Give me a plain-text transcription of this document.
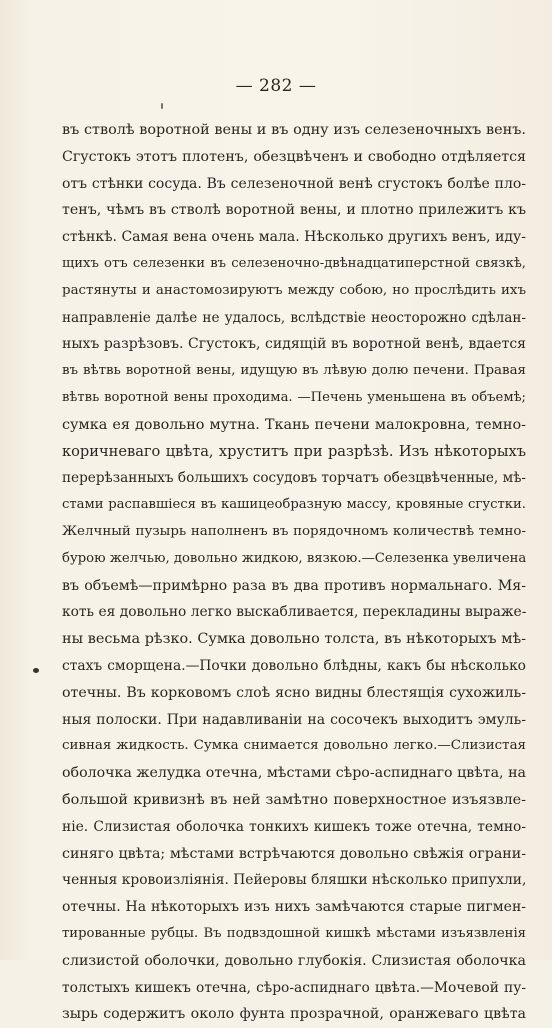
— 282 —
въ стволѣ воротной вены и въ одну изъ селезеночныхъ венъ.
Сгустокъ этотъ плотенъ, обезцвѣченъ и свободно отдѣляется
отъ стѣнки сосуда. Въ селезеночной венѣ сгустокъ болѣе пло-
тенъ, чѣмъ въ стволѣ воротной вены, и плотно прилежитъ къ
стѣнкѣ. Самая вена очень мала. Нѣсколько другихъ венъ, иду-
щихъ отъ селезенки въ селезеночно-двѣнадцатиперстной связкѣ,
растянуты и анастомозируютъ между собою, но прослѣдить ихъ
направленіе далѣе не удалось, вслѣдствіе неосторожно сдѣлан-
ныхъ разрѣзовъ. Сгустокъ, сидящій въ воротной венѣ, вдается
въ вѣтвь воротной вены, идущую въ лѣвую долю печени. Правая
вѣтвь воротной вены проходима. —Печень уменьшена въ объемѣ;
сумка ея довольно мутна. Ткань печени малокровна, темно-
коричневаго цвѣта, хруститъ при разрѣзѣ. Изъ нѣкоторыхъ
перерѣзанныхъ большихъ сосудовъ торчатъ обезцвѣченные, мѣ-
стами распавшіеся въ кашицеобразную массу, кровяные сгустки.
Желчный пузырь наполненъ въ порядочномъ количествѣ темно-
бурою желчью, довольно жидкою, вязкою.—Селезенка увеличена
въ объемѣ—примѣрно раза въ два противъ нормальнаго. Мя-
коть ея довольно легко выскабливается, перекладины выраже-
ны весьма рѣзко. Сумка довольно толста, въ нѣкоторыхъ мѣ-
стахъ сморщена.—Почки довольно блѣдны, какъ бы нѣсколько
отечны. Въ корковомъ слоѣ ясно видны блестящія сухожиль-
ныя полоски. При надавливаніи на сосочекъ выходитъ эмуль-
сивная жидкость. Сумка снимается довольно легко.—Слизистая
оболочка желудка отечна, мѣстами сѣро-аспиднаго цвѣта, на
большой кривизнѣ въ ней замѣтно поверхностное изъязвле-
ніе. Слизистая оболочка тонкихъ кишекъ тоже отечна, темно-
синяго цвѣта; мѣстами встрѣчаются довольно свѣжія ограни-
ченныя кровоизліянія. Пейеровы бляшки нѣсколько припухли,
отечны. На нѣкоторыхъ изъ нихъ замѣчаются старые пигмен-
тированные рубцы. Въ подвздошной кишкѣ мѣстами изъязвленія
слизистой оболочки, довольно глубокія. Слизистая оболочка
толстыхъ кишекъ отечна, сѣро-аспиднаго цвѣта.—Мочевой пу-
зырь содержитъ около фунта прозрачной, оранжеваго цвѣта
